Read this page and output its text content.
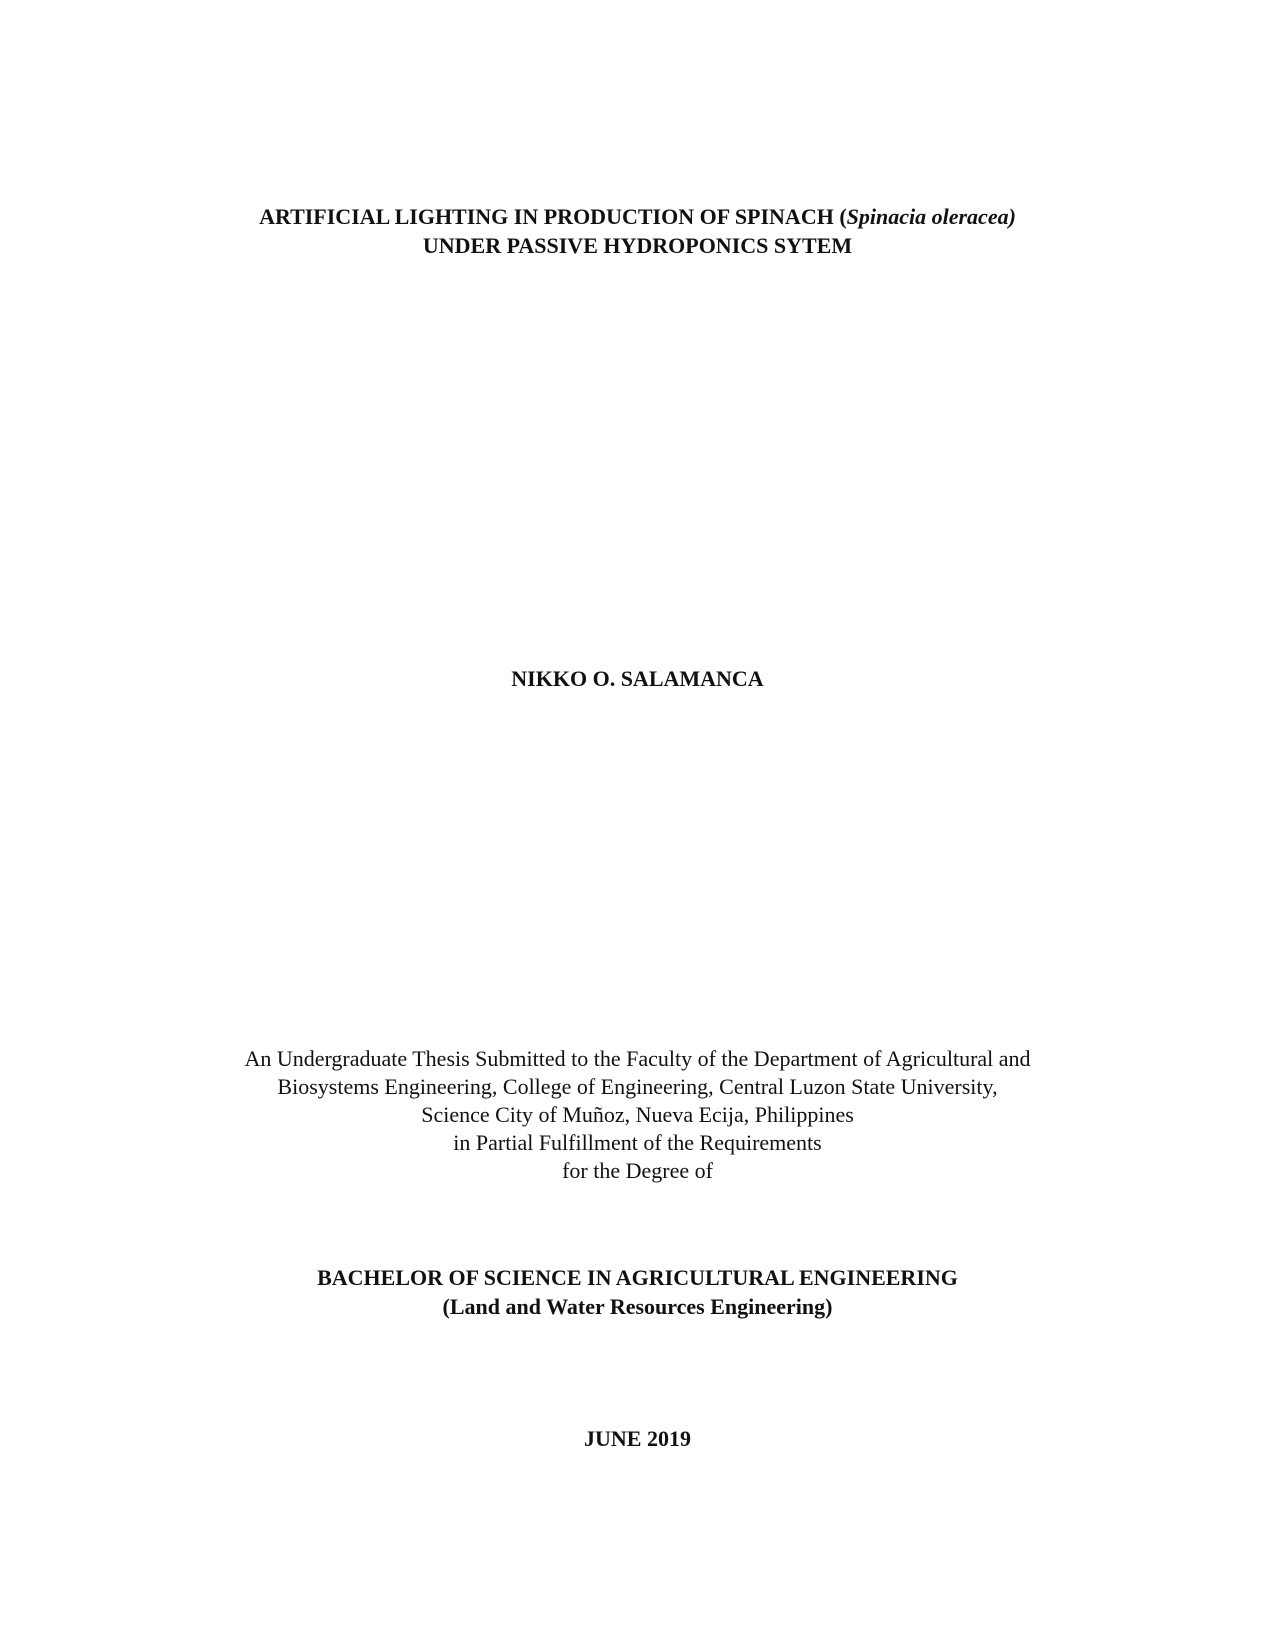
ARTIFICIAL LIGHTING IN PRODUCTION OF SPINACH (Spinacia oleracea)
UNDER PASSIVE HYDROPONICS SYTEM
NIKKO O. SALAMANCA
An Undergraduate Thesis Submitted to the Faculty of the Department of Agricultural and
Biosystems Engineering, College of Engineering, Central Luzon State University,
Science City of Muñoz, Nueva Ecija, Philippines
in Partial Fulfillment of the Requirements
for the Degree of
BACHELOR OF SCIENCE IN AGRICULTURAL ENGINEERING
(Land and Water Resources Engineering)
JUNE 2019
